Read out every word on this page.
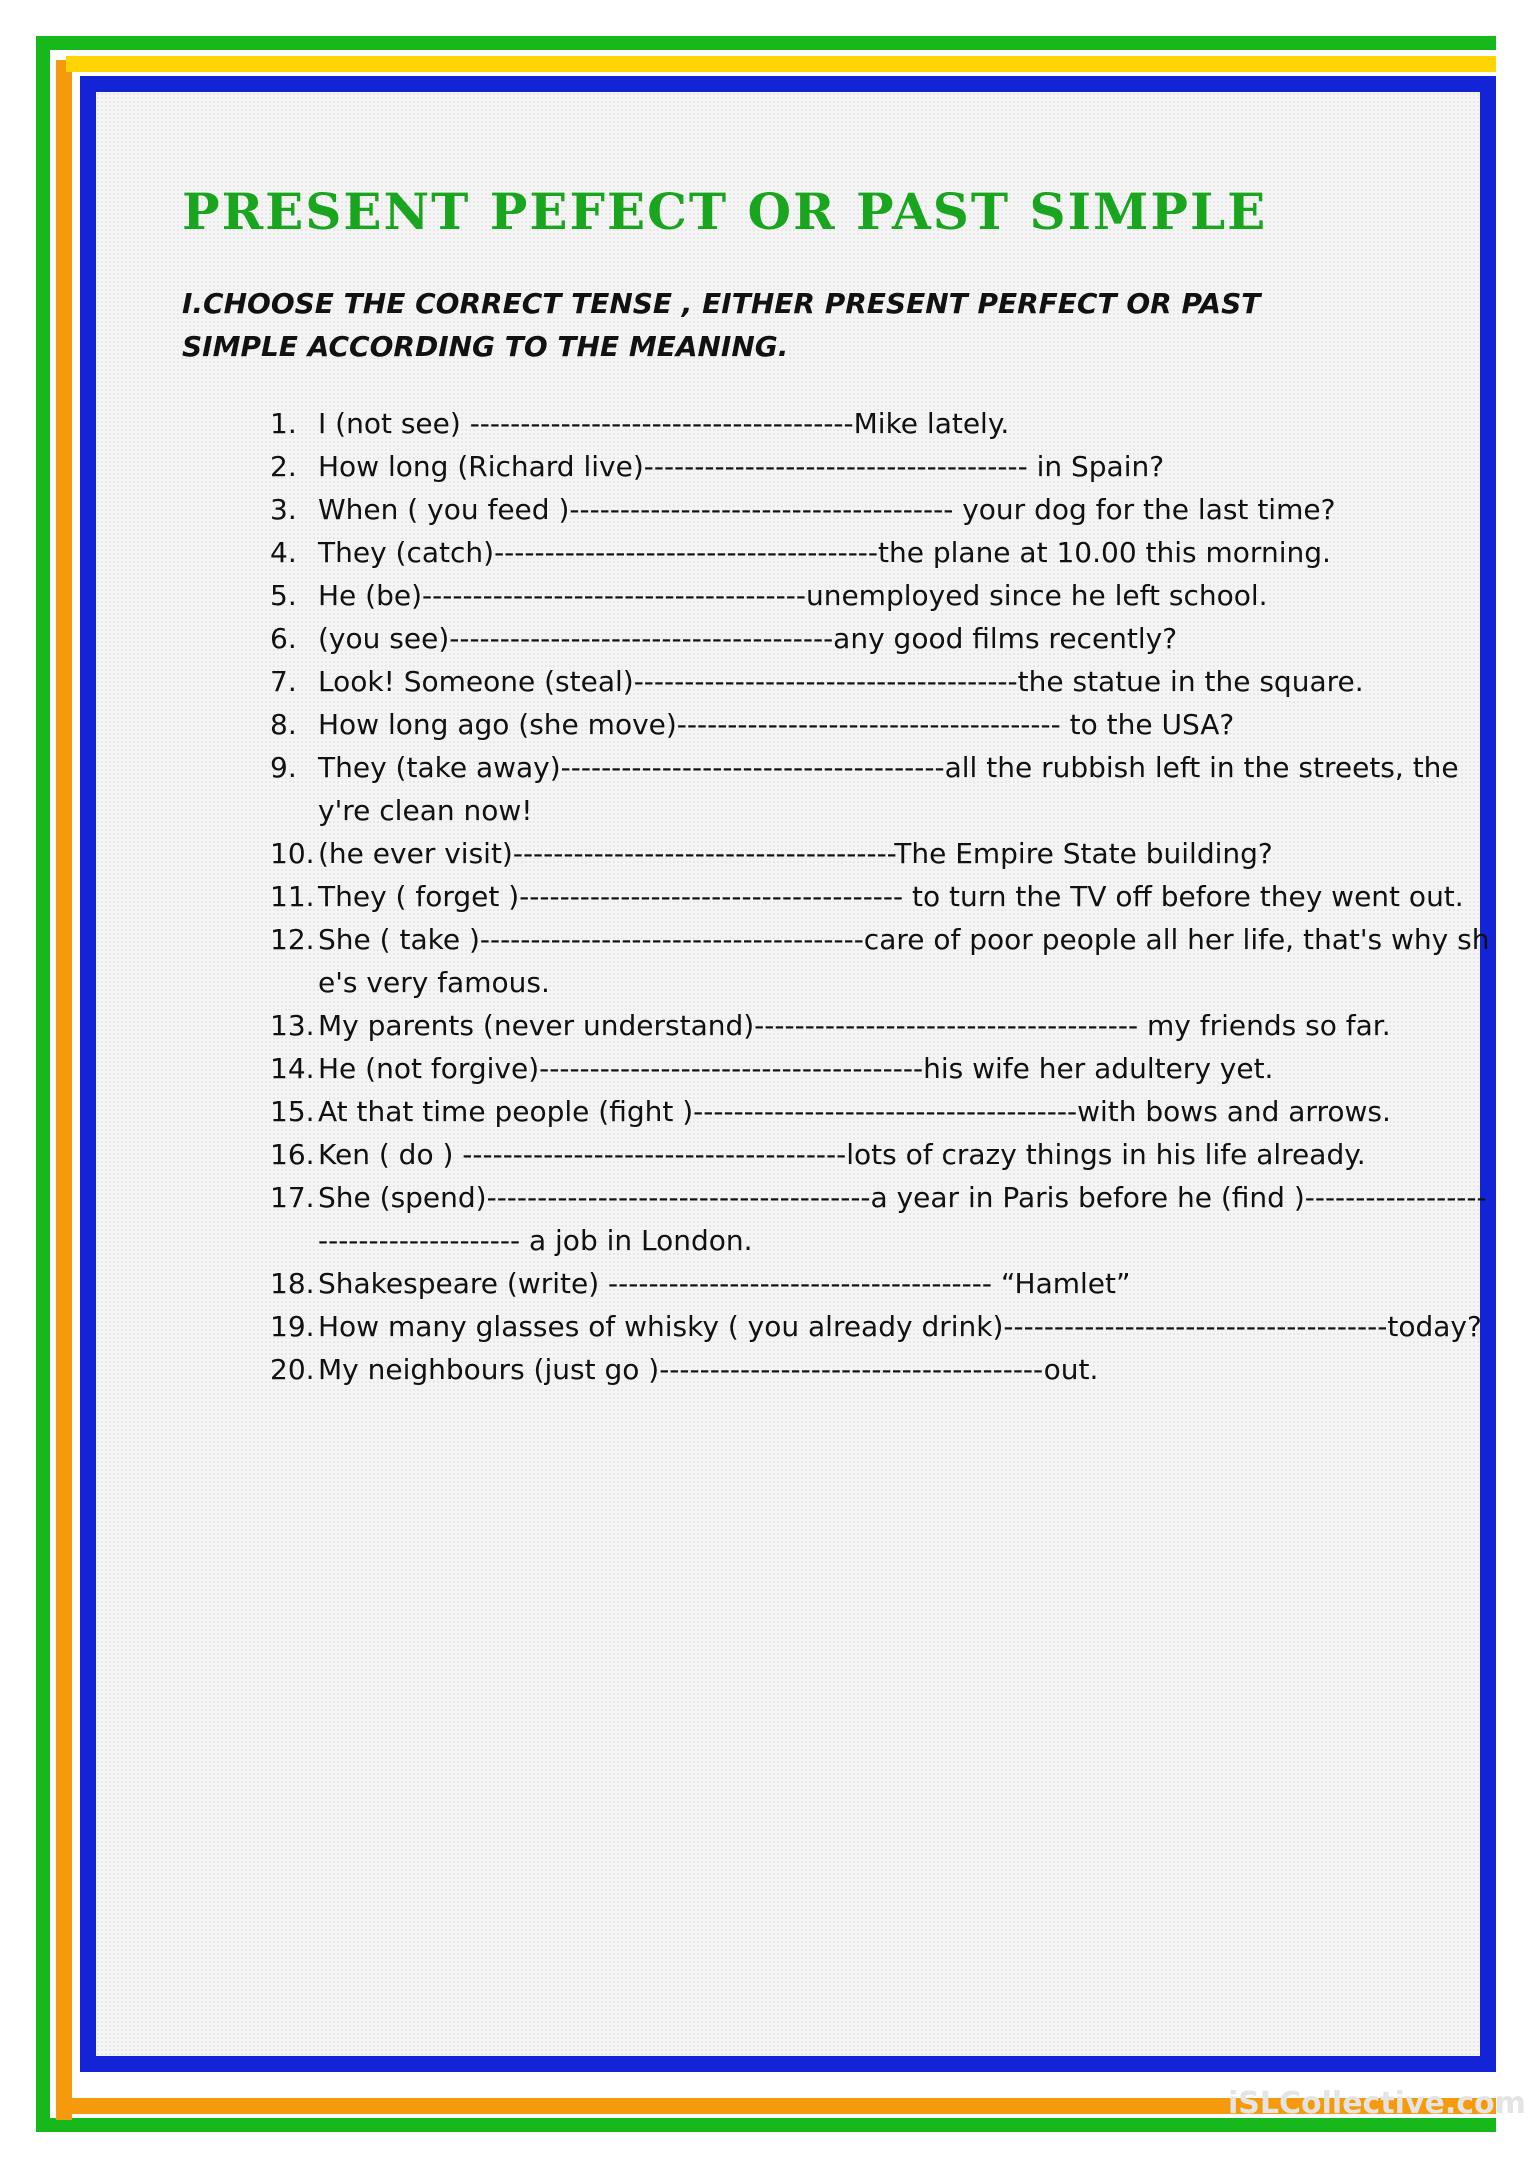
PRESENT PEFECT OR PAST SIMPLE

I.CHOOSE THE CORRECT TENSE , EITHER PRESENT PERFECT OR PAST SIMPLE ACCORDING TO THE MEANING.

1. I (not see) --------------------------------------Mike lately.
2. How long (Richard live)-------------------------------------- in Spain?
3. When ( you feed )-------------------------------------- your dog for the last time?
4. They (catch)--------------------------------------the plane at 10.00 this morning.
5. He (be)--------------------------------------unemployed since he left school.
6. (you see)--------------------------------------any good films recently?
7. Look! Someone (steal)--------------------------------------the statue in the square.
8. How long ago (she move)-------------------------------------- to the USA?
9. They (take away)--------------------------------------all the rubbish left in the streets, they're clean now!
10. (he ever visit)--------------------------------------The Empire State building?
11. They ( forget )-------------------------------------- to turn the TV off before they went out.
12. She ( take )--------------------------------------care of poor people all her life, that's why she's very famous.
13. My parents (never understand)-------------------------------------- my friends so far.
14. He (not forgive)--------------------------------------his wife her adultery yet.
15. At that time people (fight )--------------------------------------with bows and arrows.
16. Ken ( do ) --------------------------------------lots of crazy things in his life already.
17. She (spend)--------------------------------------a year in Paris before he (find )-------------------------------------- a job in London.
18. Shakespeare (write) -------------------------------------- “Hamlet”
19. How many glasses of whisky ( you already drink)--------------------------------------today?
20. My neighbours (just go )--------------------------------------out.
iSLCollective.com
